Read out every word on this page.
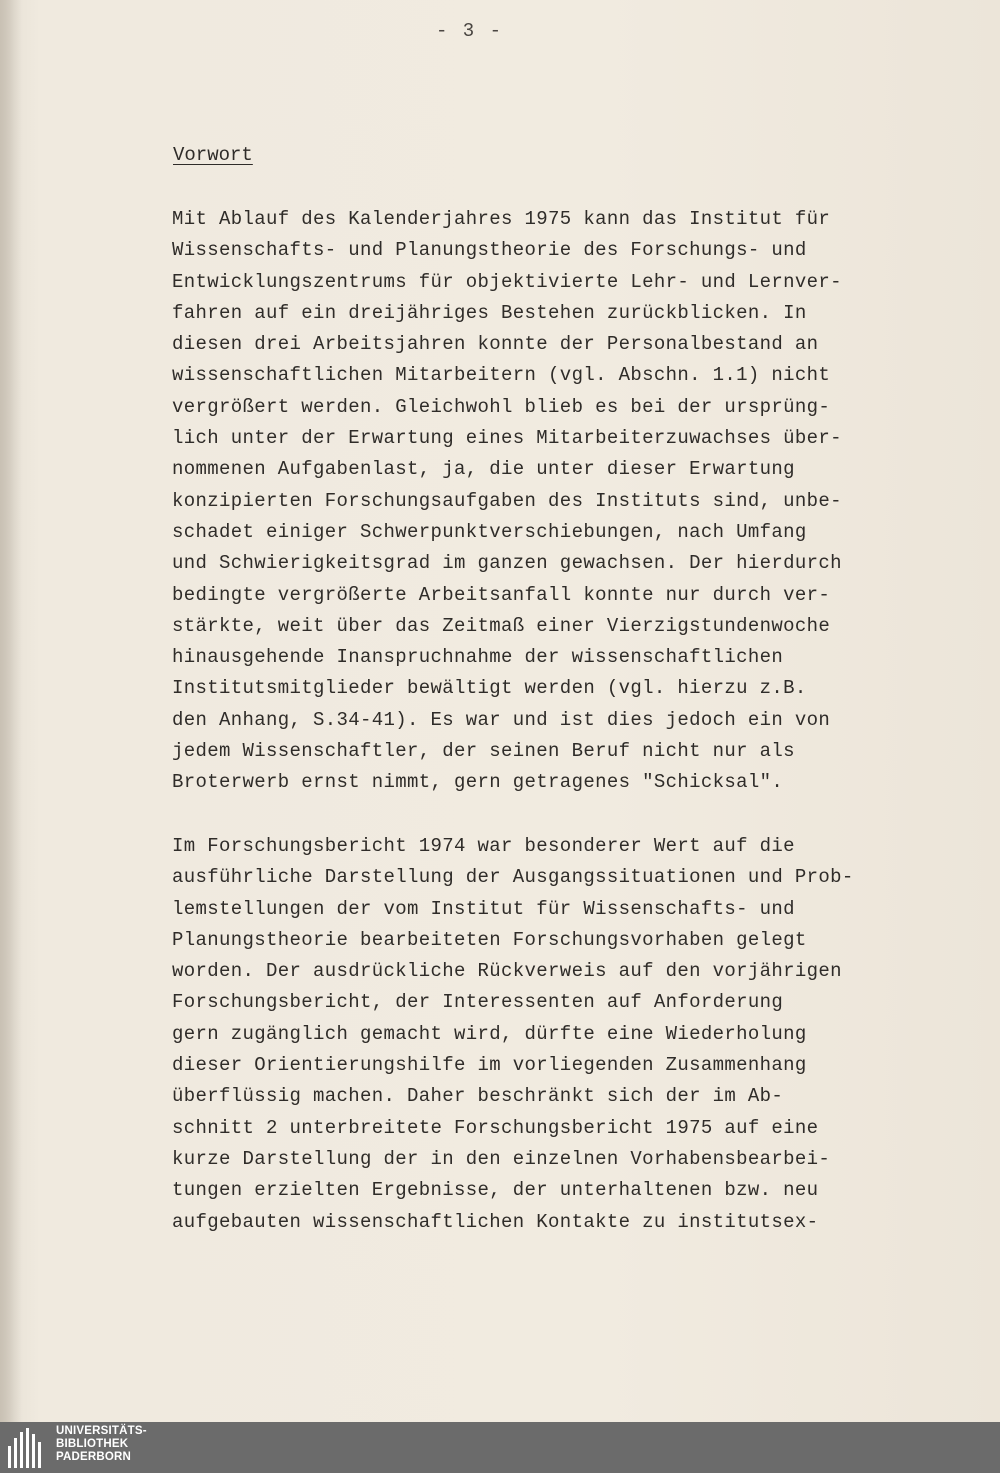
- 3 -
Vorwort

Mit Ablauf des Kalenderjahres 1975 kann das Institut für
Wissenschafts- und Planungstheorie des Forschungs- und
Entwicklungszentrums für objektivierte Lehr- und Lernver-
fahren auf ein dreijähriges Bestehen zurückblicken. In
diesen drei Arbeitsjahren konnte der Personalbestand an
wissenschaftlichen Mitarbeitern (vgl. Abschn. 1.1) nicht
vergrößert werden. Gleichwohl blieb es bei der ursprüng-
lich unter der Erwartung eines Mitarbeiterzuwachses über-
nommenen Aufgabenlast, ja, die unter dieser Erwartung
konzipierten Forschungsaufgaben des Instituts sind, unbe-
schadet einiger Schwerpunktverschiebungen, nach Umfang
und Schwierigkeitsgrad im ganzen gewachsen. Der hierdurch
bedingte vergrößerte Arbeitsanfall konnte nur durch ver-
stärkte, weit über das Zeitmaß einer Vierzigstundenwoche
hinausgehende Inanspruchnahme der wissenschaftlichen
Institutsmitglieder bewältigt werden (vgl. hierzu z.B.
den Anhang, S.34-41). Es war und ist dies jedoch ein von
jedem Wissenschaftler, der seinen Beruf nicht nur als
Broterwerb ernst nimmt, gern getragenes "Schicksal".

Im Forschungsbericht 1974 war besonderer Wert auf die
ausführliche Darstellung der Ausgangssituationen und Prob-
lemstellungen der vom Institut für Wissenschafts- und
Planungstheorie bearbeiteten Forschungsvorhaben gelegt
worden. Der ausdrückliche Rückverweis auf den vorjährigen
Forschungsbericht, der Interessenten auf Anforderung
gern zugänglich gemacht wird, dürfte eine Wiederholung
dieser Orientierungshilfe im vorliegenden Zusammenhang
überflüssig machen. Daher beschränkt sich der im Ab-
schnitt 2 unterbreitete Forschungsbericht 1975 auf eine
kurze Darstellung der in den einzelnen Vorhabensbearbei-
tungen erzielten Ergebnisse, der unterhaltenen bzw. neu
aufgebauten wissenschaftlichen Kontakte zu institutsex-

UNIVERSITÄTS-
BIBLIOTHEK
PADERBORN
